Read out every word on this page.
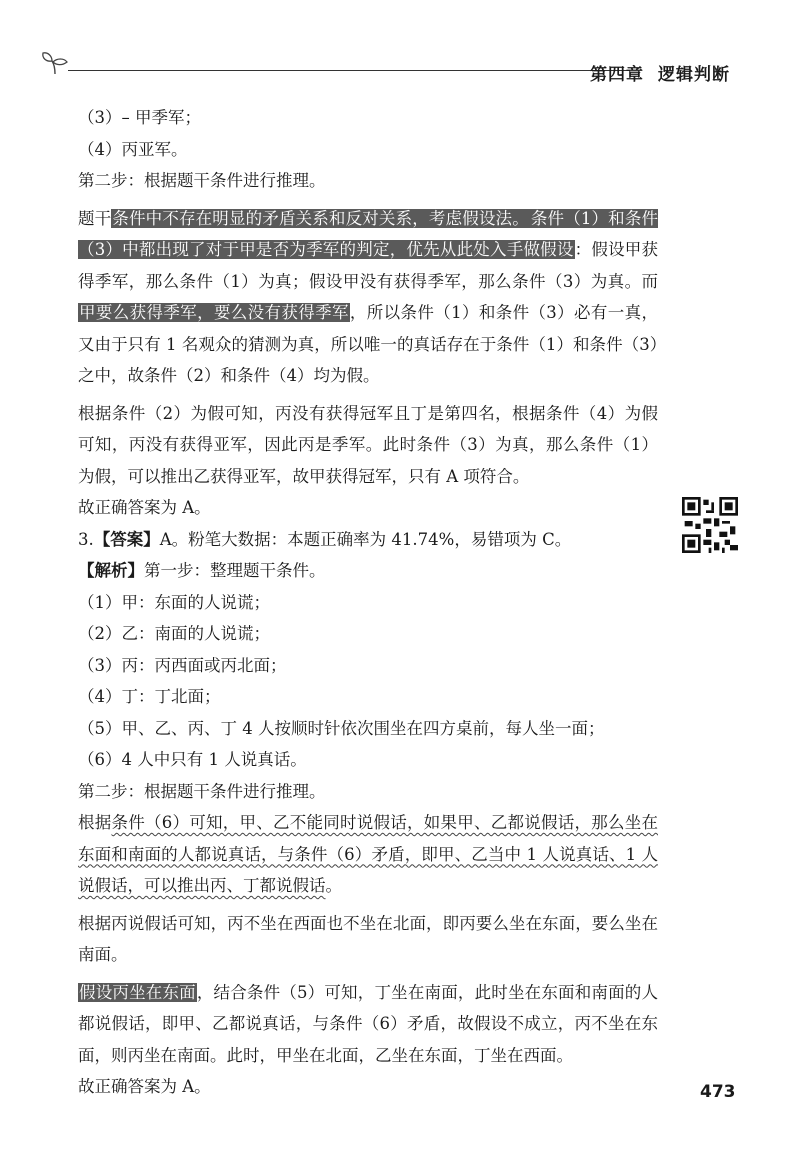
第四章 逻辑判断

（3）– 甲季军；

（4）丙亚军。

第二步：根据题干条件进行推理。

题干条件中不存在明显的矛盾关系和反对关系，考虑假设法。 条件（1）和条件（3）中都出现了对于甲是否为季军的判定，优先从此处入手做假设：假设甲获得季军，那么条件（1）为真；假设甲没有获得季军，那么条件（3）为真。而甲要么获得季军，要么没有获得季军，所以条件（1）和条件（3）必有一真，又由于只有 1 名观众的猜测为真，所以唯一的真话存在于条件（1）和条件（3）之中，故条件（2）和条件（4）均为假。

根据条件（2）为假可知，丙没有获得冠军且丁是第四名，根据条件（4）为假可知，丙没有获得亚军，因此丙是季军。此时条件（3）为真，那么条件（1）为假，可以推出乙获得亚军，故甲获得冠军，只有 A 项符合。

故正确答案为 A。

3.【答案】A。粉笔大数据：本题正确率为 41.74%，易错项为 C。

【解析】第一步：整理题干条件。

（1）甲：东面的人说谎；

（2）乙：南面的人说谎；

（3）丙：丙西面或丙北面；

（4）丁：丁北面；

（5）甲、乙、丙、丁 4 人按顺时针依次围坐在四方桌前，每人坐一面；

（6）4 人中只有 1 人说真话。

第二步：根据题干条件进行推理。

根据条件（6）可知，甲、乙不能同时说假话，如果甲、乙都说假话，那么坐在东面和南面的人都说真话，与条件（6）矛盾，即甲、乙当中 1 人说真话、1 人说假话，可以推出丙、丁都说假话。

根据丙说假话可知，丙不坐在西面也不坐在北面，即丙要么坐在东面，要么坐在南面。

假设丙坐在东面，结合条件（5）可知，丁坐在南面，此时坐在东面和南面的人都说假话，即甲、乙都说真话，与条件（6）矛盾，故假设不成立，丙不坐在东面，则丙坐在南面。此时，甲坐在北面，乙坐在东面，丁坐在西面。

故正确答案为 A。	473
